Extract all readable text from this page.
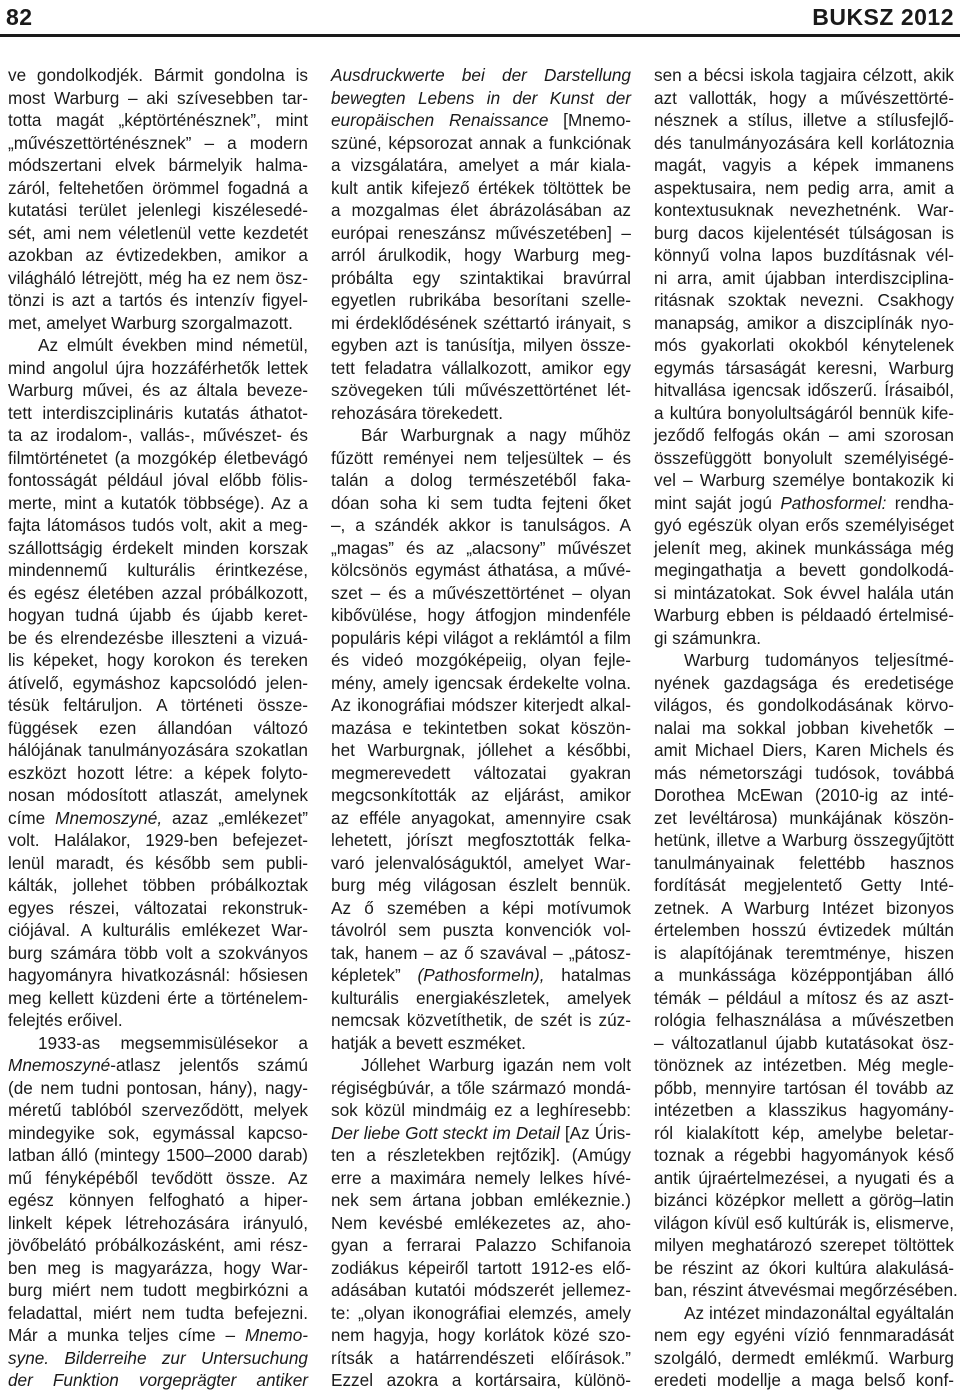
82	BUKSZ 2012
ve gondolkodjék. Bármit gondolna is
most Warburg – aki szívesebben tar-
totta magát „képtörténésznek”, mint
„művészettörténésznek” – a modern
módszertani elvek bármelyik halma-
záról, feltehetően örömmel fogadná a
kutatási terület jelenlegi kiszélesedé-
sét, ami nem véletlenül vette kezdetét
azokban az évtizedekben, amikor a
világháló létrejött, még ha ez nem ösz-
tönzi is azt a tartós és intenzív figyel-
met, amelyet Warburg szorgalmazott.
Az elmúlt években mind németül,
mind angolul újra hozzáférhetők lettek
Warburg művei, és az általa beveze-
tett interdiszciplináris kutatás áthatot-
ta az irodalom-, vallás-, művészet- és
filmtörténetet (a mozgókép életbevágó
fontosságát például jóval előbb fölis-
merte, mint a kutatók többsége). Az a
fajta látomásos tudós volt, akit a meg-
szállottságig érdekelt minden korszak
mindennemű kulturális érintkezése,
és egész életében azzal próbálkozott,
hogyan tudná újabb és újabb keret-
be és elrendezésbe illeszteni a vizuá-
lis képeket, hogy korokon és tereken
átívelő, egymáshoz kapcsolódó jelen-
tésük feltáruljon. A történeti össze-
függések ezen állandóan változó
hálójának tanulmányozására szokatlan
eszközt hozott létre: a képek folyto-
nosan módosított atlaszát, amelynek
címe Mnemoszyné, azaz „emlékezet”
volt. Halálakor, 1929-ben befejezet-
lenül maradt, és később sem publi-
kálták, jollehet többen próbálkoztak
egyes részei, változatai rekonstruk-
ciójával. A kulturális emlékezet War-
burg számára több volt a szokványos
hagyományra hivatkozásnál: hősiesen
meg kellett küzdeni érte a történelem-
felejtés erőivel.
1933-as megsemmisülésekor a
Mnemoszyné-atlasz jelentős számú
(de nem tudni pontosan, hány), nagy-
méretű tablóból szerveződött, melyek
mindegyike sok, egymással kapcso-
latban álló (mintegy 1500–2000 darab)
mű fényképéből tevődött össze. Az
egész könnyen felfogható a hiper-
linkelt képek létrehozására irányuló,
jövőbelátó próbálkozásként, ami rész-
ben meg is magyarázza, hogy War-
burg miért nem tudott megbirkózni a
feladattal, miért nem tudta befejezni.
Már a munka teljes címe – Mnemo-
syne. Bilderreihe zur Untersuchung
der Funktion vorgeprägter antiker
Ausdruckwerte bei der Darstellung
bewegten Lebens in der Kunst der
europäischen Renaissance [Mnemo-
szüné, képsorozat annak a funkciónak
a vizsgálatára, amelyet a már kiala-
kult antik kifejező értékek töltöttek be
a mozgalmas élet ábrázolásában az
európai reneszánsz művészetében] –
arról árulkodik, hogy Warburg meg-
próbálta egy szintaktikai bravúrral
egyetlen rubrikába besorítani szelle-
mi érdeklődésének széttartó irányait, s
egyben azt is tanúsítja, milyen össze-
tett feladatra vállalkozott, amikor egy
szövegeken túli művészettörténet lét-
rehozására törekedett.
Bár Warburgnak a nagy műhöz
fűzött reményei nem teljesültek – és
talán a dolog természetéből faka-
dóan soha ki sem tudta fejteni őket
–, a szándék akkor is tanulságos. A
„magas” és az „alacsony” művészet
kölcsönös egymást áthatása, a művé-
szet – és a művészettörténet – olyan
kibővülése, hogy átfogjon mindenféle
populáris képi világot a reklámtól a film
és videó mozgóképeiig, olyan fejle-
mény, amely igencsak érdekelte volna.
Az ikonográfiai módszer kiterjedt alkal-
mazása e tekintetben sokat köszön-
het Warburgnak, jóllehet a későbbi,
megmerevedett változatai gyakran
megcsonkították az eljárást, amikor
az efféle anyagokat, amennyire csak
lehetett, jóríszt megfosztották felka-
varó jelenvalóságuktól, amelyet War-
burg még világosan észlelt bennük.
Az ő szemében a képi motívumok
távolról sem puszta konvenciók vol-
tak, hanem – az ő szavával – „pátosz-
képletek” (Pathosformeln), hatalmas
kulturális energiakészletek, amelyek
nemcsak közvetíthetik, de szét is zúz-
hatják a bevett eszméket.
Jóllehet Warburg igazán nem volt
régiségbúvár, a tőle származó mondá-
sok közül mindmáig ez a leghíresebb:
Der liebe Gott steckt im Detail [Az Úris-
ten a részletekben rejtőzik]. (Amúgy
erre a maximára nemely lelkes hívé-
nek sem ártana jobban emlékeznie.)
Nem kevésbé emlékezetes az, aho-
gyan a ferrarai Palazzo Schifanoia
zodiákus képeiről tartott 1912-es elő-
adásában kutatói módszerét jellemez-
te: „olyan ikonográfiai elemzés, amely
nem hagyja, hogy korlátok közé szo-
rítsák a határrendészeti előírások.”
Ezzel azokra a kortársaira, különö-
sen a bécsi iskola tagjaira célzott, akik
azt vallották, hogy a művészettörté-
nésznek a stílus, illetve a stílusfejlő-
dés tanulmányozására kell korlátoznia
magát, vagyis a képek immanens
aspektusaira, nem pedig arra, amit a
kontextusuknak nevezhetnénk. War-
burg dacos kijelentését túlságosan is
könnyű volna lapos buzdításnak vél-
ni arra, amit újabban interdiszciplina-
ritásnak szoktak nevezni. Csakhogy
manapság, amikor a diszciplínák nyo-
mós gyakorlati okokból kénytelenek
egymás társaságát keresni, Warburg
hitvallása igencsak időszerű. Írásaiból,
a kultúra bonyolultságáról bennük kife-
jeződő felfogás okán – ami szorosan
összefüggött bonyolult személyiségé-
vel – Warburg személye bontakozik ki
mint saját jogú Pathosformel: rendha-
gyó egészük olyan erős személyiséget
jelenít meg, akinek munkássága még
megingathatja a bevett gondolkodá-
si mintázatokat. Sok évvel halála után
Warburg ebben is példaadó értelmisé-
gi számunkra.
Warburg tudományos teljesítmé-
nyének gazdagsága és eredetisége
világos, és gondolkodásának körvo-
nalai ma sokkal jobban kivehetők –
amit Michael Diers, Karen Michels és
más németországi tudósok, továbbá
Dorothea McEwan (2010-ig az inté-
zet levéltárosa) munkájának köszön-
hetünk, illetve a Warburg összegyűjtött
tanulmányainak felettébb hasznos
fordítását megjelentető Getty Inté-
zetnek. A Warburg Intézet bizonyos
értelemben hosszú évtizedek múltán
is alapítójának teremtménye, hiszen
a munkássága középpontjában álló
témák – például a mítosz és az aszt-
rológia felhasználása a művészetben
– változatlanul újabb kutatásokat ösz-
tönöznek az intézetben. Még megle-
pőbb, mennyire tartósan él tovább az
intézetben a klasszikus hagyomány-
ról kialakított kép, amelybe beletar-
toznak a régebbi hagyományok késő
antik újraértelmezései, a nyugati és a
bizánci középkor mellett a görög–latin
világon kívül eső kultúrák is, elismerve,
milyen meghatározó szerepet töltöttek
be részint az ókori kultúra alakulásá-
ban, részint átvevésmai megőrzésében.
Az intézet mindazonáltal egyáltalán
nem egy egyéni vízió fennmaradását
szolgáló, dermedt emlékmű. Warburg
eredeti modellje a maga belső konf-
